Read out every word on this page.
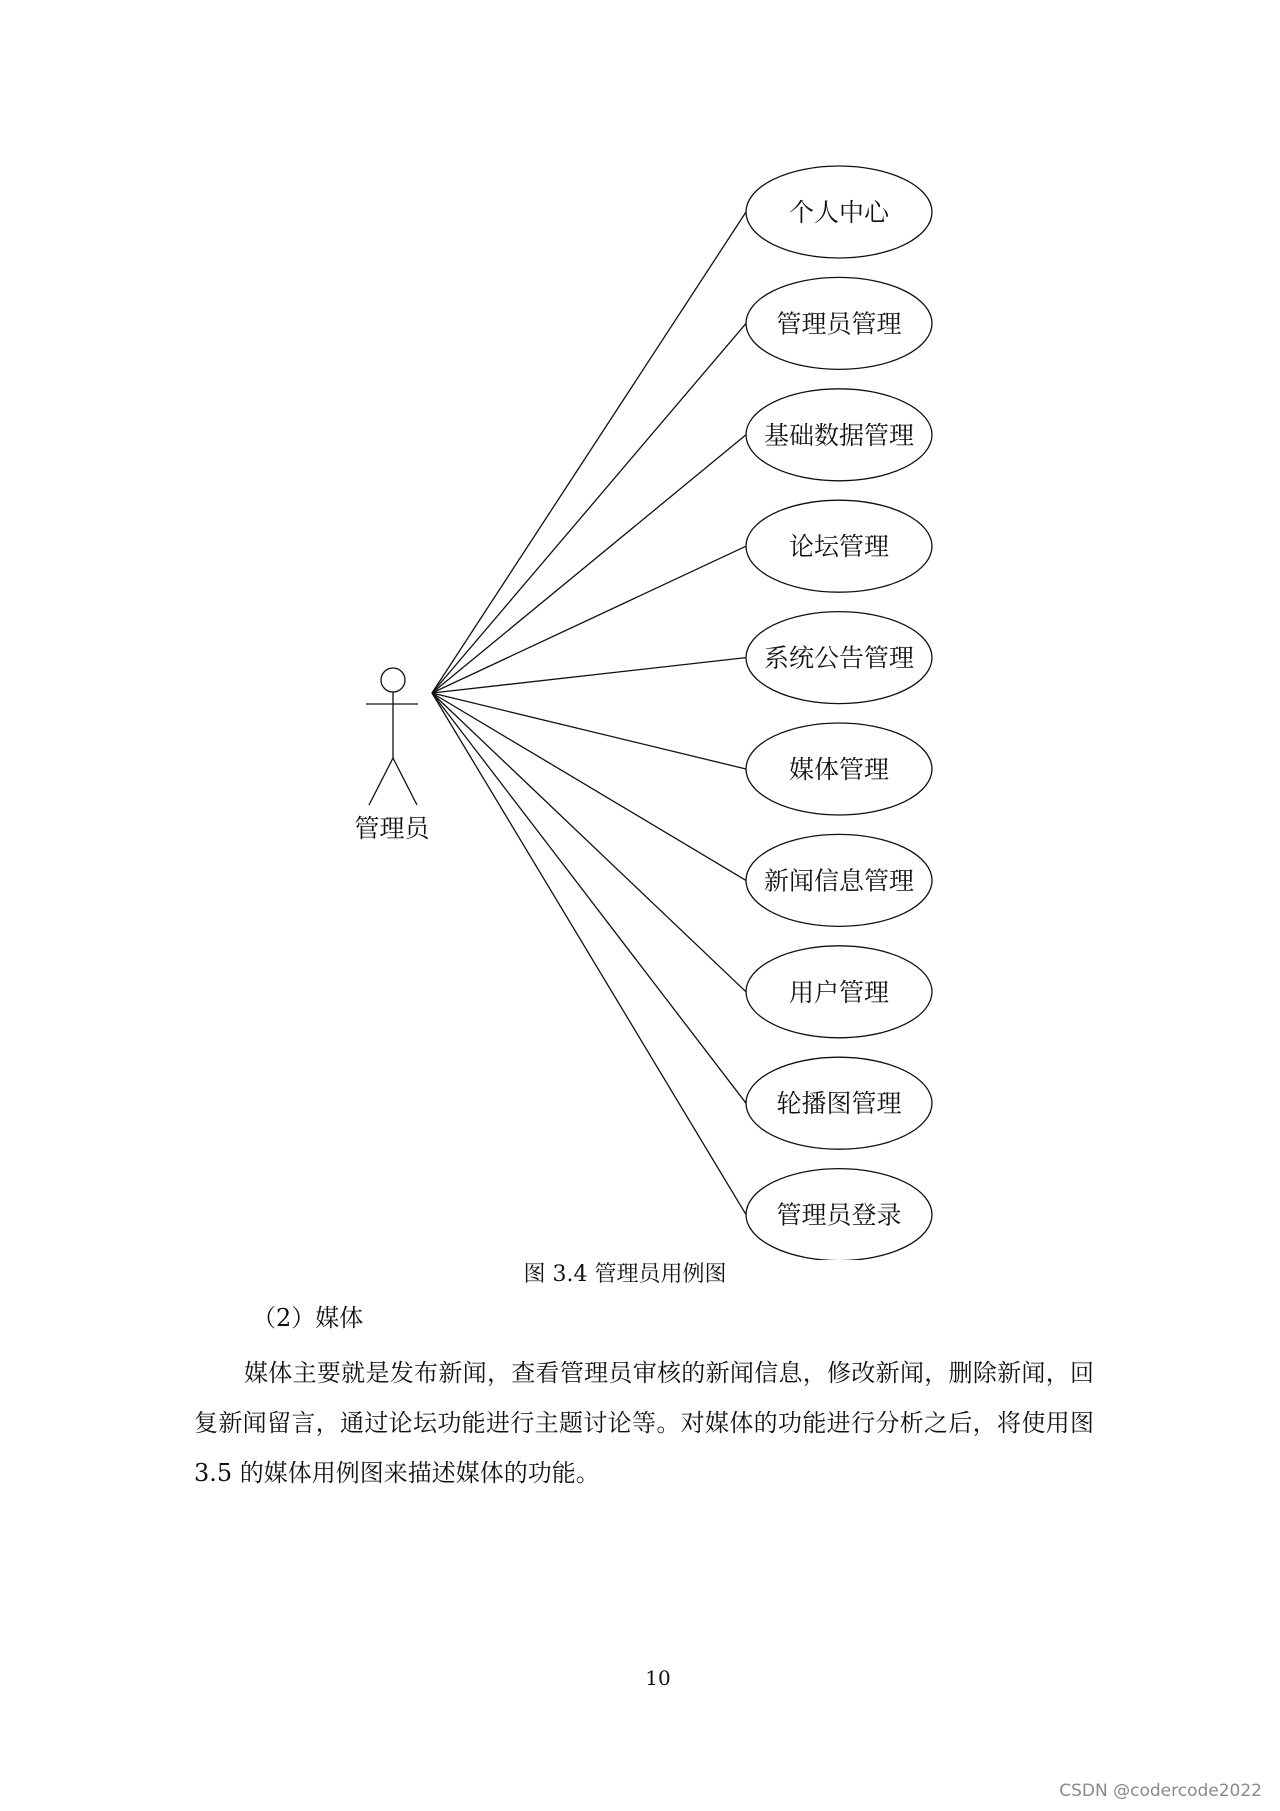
管理员
个人中心
管理员管理
基础数据管理
论坛管理
系统公告管理
媒体管理
新闻信息管理
用户管理
轮播图管理
管理员登录
图 3.4 管理员用例图
（2）媒体
媒体主要就是发布新闻，查看管理员审核的新闻信息，修改新闻，删除新闻，回复新闻留言，通过论坛功能进行主题讨论等。对媒体的功能进行分析之后，将使用图 3.5 的媒体用例图来描述媒体的功能。
10
CSDN @codercode2022
